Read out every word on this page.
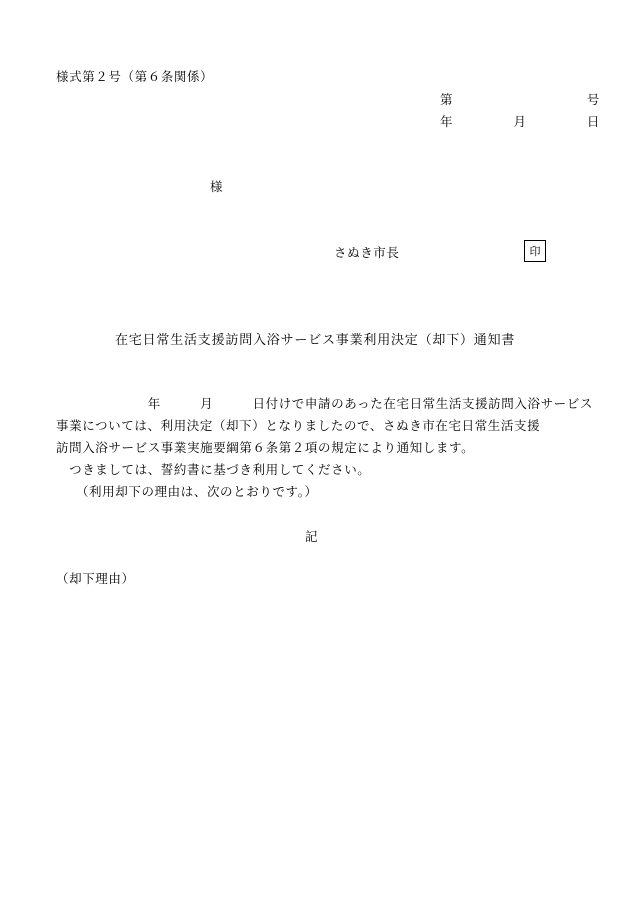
様式第２号（第６条関係）
第	号
年	月	日
様
さぬき市長	印
在宅日常生活支援訪問入浴サービス事業利用決定（却下）通知書
　　　　　　　年　　　月　　　日付けで申請のあった在宅日常生活支援訪問入浴サービス
事業については、利用決定（却下）となりましたので、さぬき市在宅日常生活支援
訪問入浴サービス事業実施要綱第６条第２項の規定により通知します。
　つきましては、誓約書に基づき利用してください。
　　（利用却下の理由は、次のとおりです。）
記
（却下理由）
